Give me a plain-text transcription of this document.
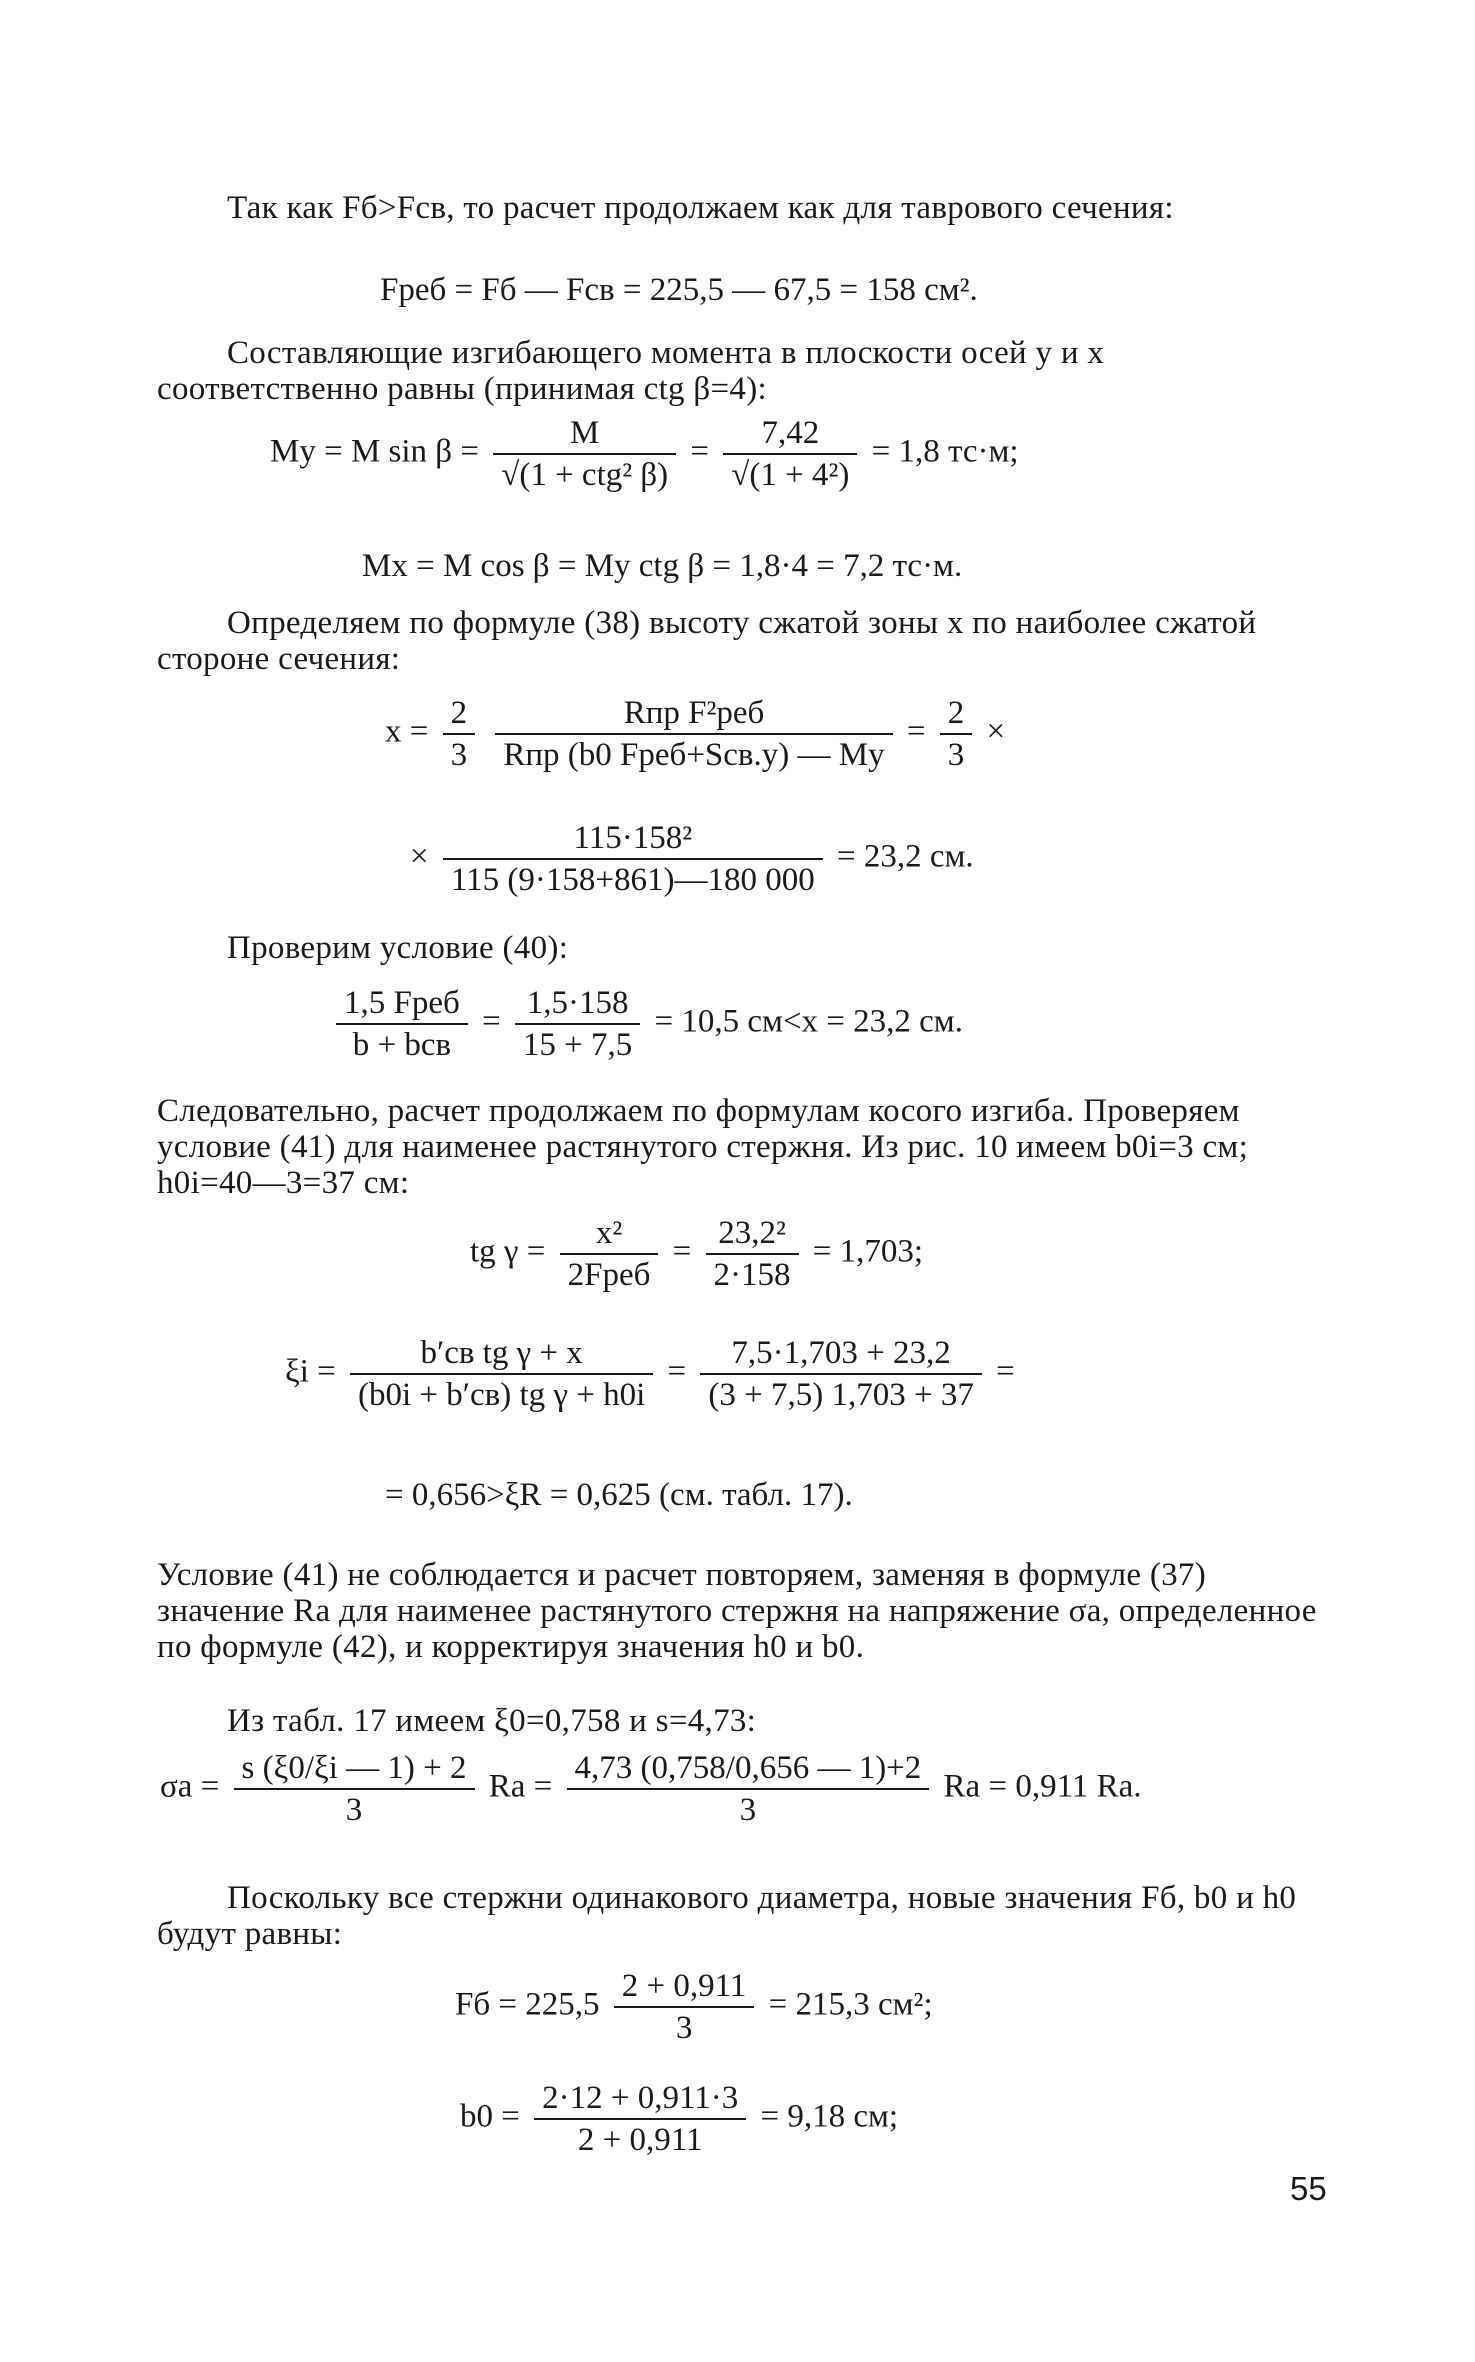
Так как Fб>Fсв, то расчет продолжаем как для таврового сечения:
Fреб = Fб — Fсв = 225,5 — 67,5 = 158 см².
Составляющие изгибающего момента в плоскости осей y и x соответственно равны (принимая ctg β=4):
My = M $\sin \beta = \frac{M}{\text{√(1 + ctg² β)}} = \frac{7,42}{\text{√(1 + 4²)}} = 1,8$ тс·м;
Mx = M cos β = My ctg β = 1,8·4 = 7,2 тс·м.
Определяем по формуле (38) высоту сжатой зоны x по наиболее сжатой стороне сечения:
$x = \frac{2}{3}$
$\frac{\text{Rпр F²реб}}{\text{Rпр (b0 Fреб+Sсв.y) — My}} = \frac{2}{3}$ ×
× $\frac{\text{115·158²}}{115 (9\cdot 158+861)—180 000} = 23,2$ см.
Проверим условие (40):
$\frac{\text{1,5 Fреб}}{\text{b + bсв}} = \frac{1,5\cdot 158}{15 + 7,5} = 10,5$ см<x = 23,2 см.
Следовательно, расчет продолжаем по формулам косого изгиба. Проверяем условие (41) для наименее растянутого стержня. Из рис. 10 имеем b0i=3 см; h0i=40—3=37 см:
tg $\gamma = \frac{\text{x²}}{\text{2Fреб}} = \frac{\text{23,2²}}{2\cdot 158} = 1,703$;
$\xi i = \frac{\text{b′св tg γ + x}}{\text{(b0i + b′св) tg γ + h0i}} = \frac{7,5\cdot 1,703 + 23,2}{(3 + 7,5) 1,703 + 37}$ =
= 0,656>ξR = 0,625 (см. табл. 17).
Условие (41) не соблюдается и расчет повторяем, заменяя в формуле (37) значение Rа для наименее растянутого стержня на напряжение σа, определенное по формуле (42), и корректируя значения h0 и b0.
Из табл. 17 имеем ξ0=0,758 и s=4,73:
$\sigma а = \frac{s (\xi 0/\xi i — 1) + 2}{3}$ Rа = $\frac{4,73 (0,758/0,656 — 1)+2}{3}$ Rа = 0,911 Rа.
Поскольку все стержни одинакового диаметра, новые значения Fб, b0 и h0 будут равны:
Fб = $225,5 \frac{2 + 0,911}{3} = 215,3$ см²;
$b0 = \frac{2\cdot 12 + 0,911\cdot 3}{2 + 0,911} = 9,18$ см;
55
